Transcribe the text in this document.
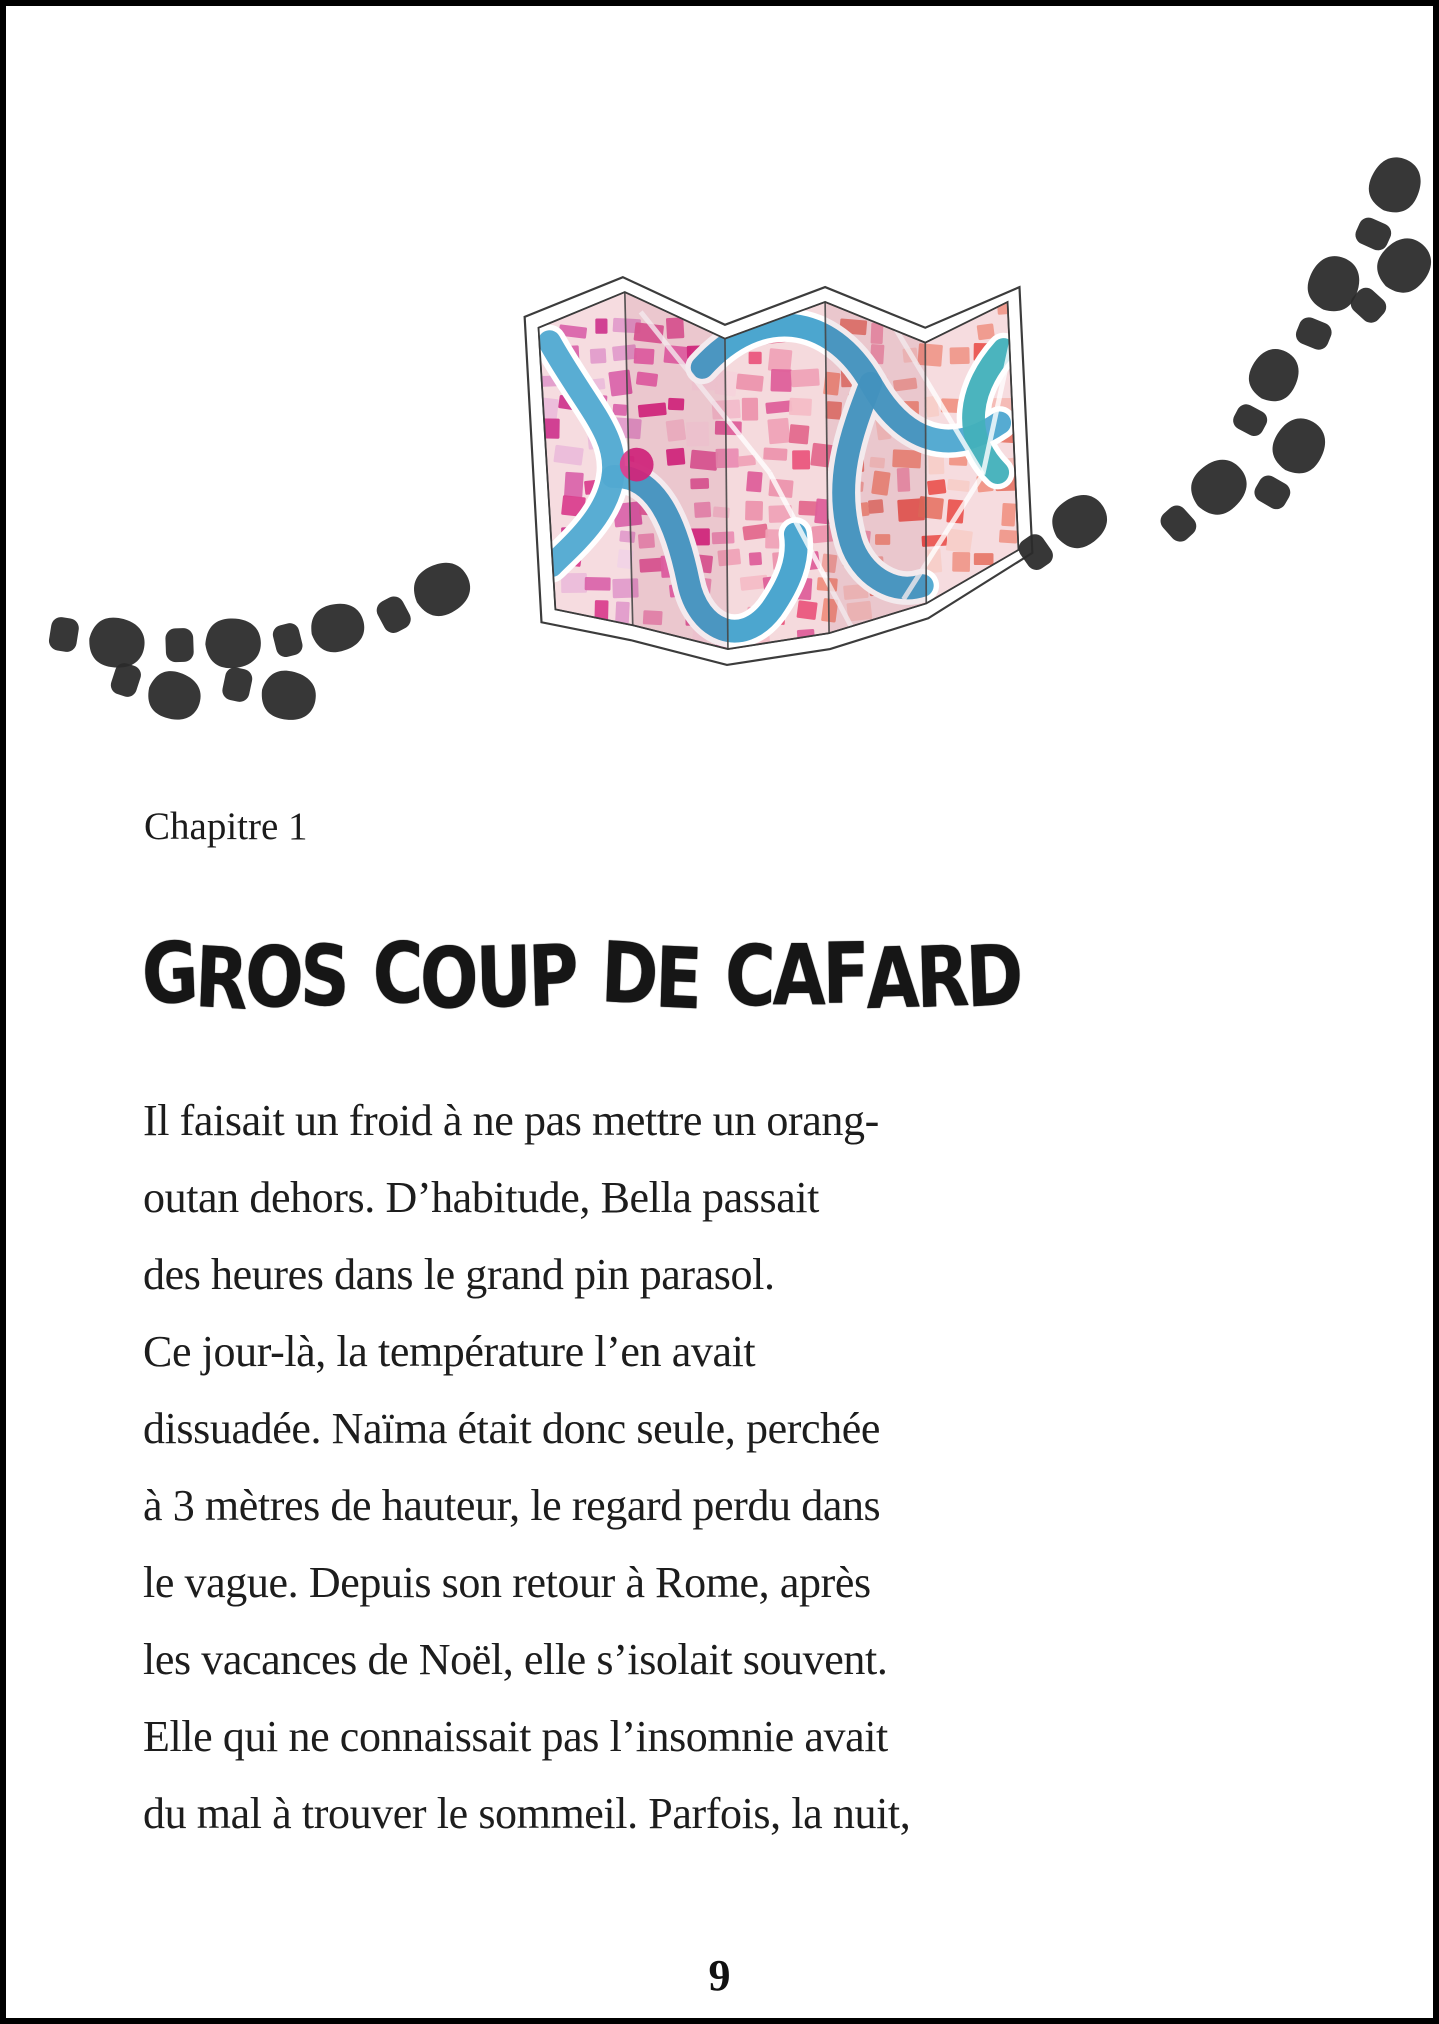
Chapitre 1
GROS COUP DE CAFARD
Il faisait un froid à ne pas mettre un orang-
outan dehors. D’habitude, Bella passait
des heures dans le grand pin parasol.
Ce jour-là, la température l’en avait
dissuadée. Naïma était donc seule, perchée
à 3 mètres de hauteur, le regard perdu dans
le vague. Depuis son retour à Rome, après
les vacances de Noël, elle s’isolait souvent.
Elle qui ne connaissait pas l’insomnie avait
du mal à trouver le sommeil. Parfois, la nuit,
9
